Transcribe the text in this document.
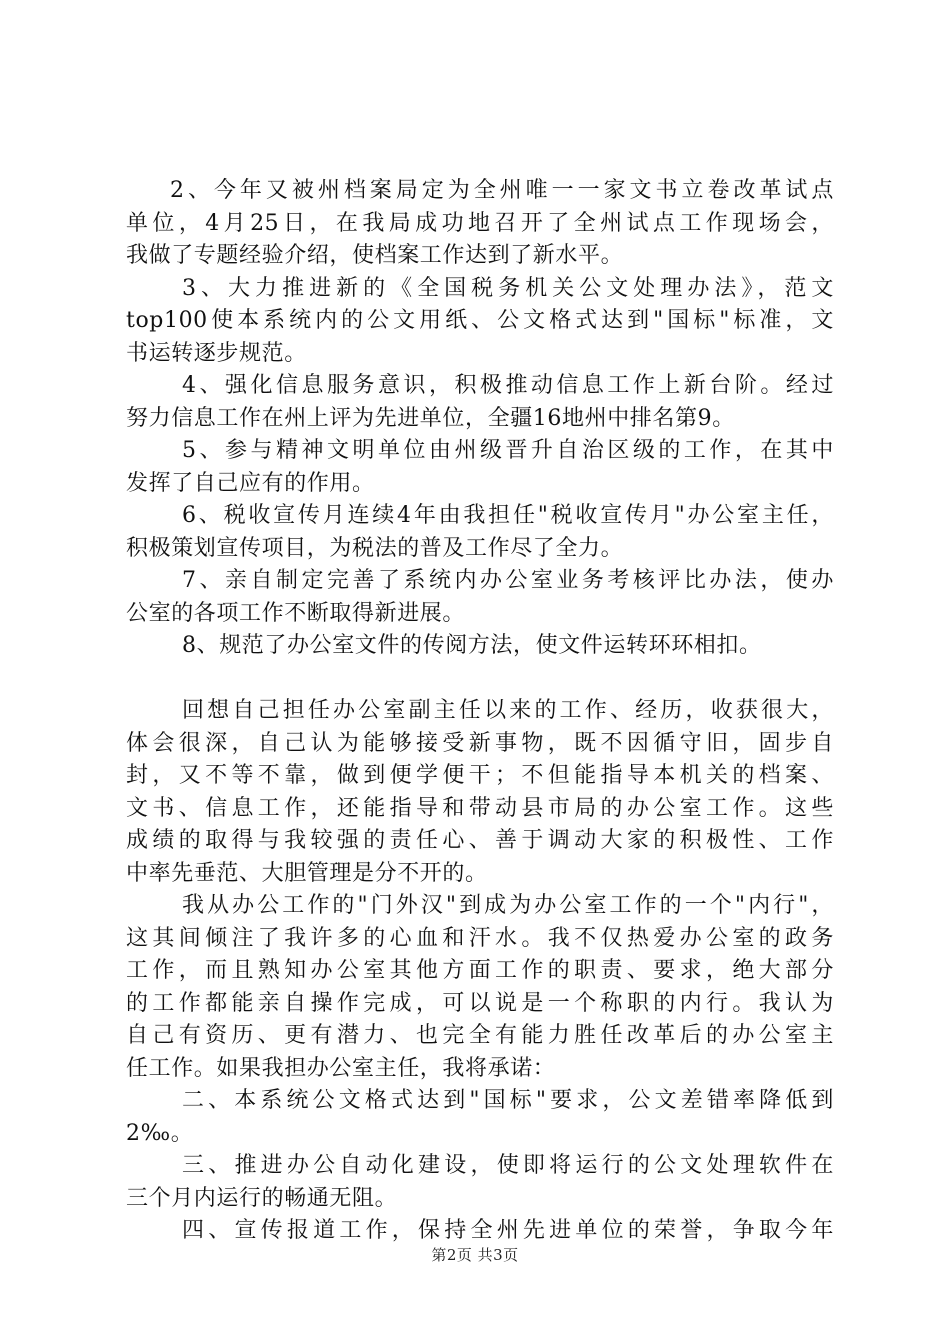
2、今年又被州档案局定为全州唯一一家文书立卷改革试点
单位，4月25日，在我局成功地召开了全州试点工作现场会，
我做了专题经验介绍，使档案工作达到了新水平。
3、大力推进新的《全国税务机关公文处理办法》，范文
top100使本系统内的公文用纸、公文格式达到"国标"标准，文
书运转逐步规范。
4、强化信息服务意识，积极推动信息工作上新台阶。经过
努力信息工作在州上评为先进单位，全疆16地州中排名第9。
5、参与精神文明单位由州级晋升自治区级的工作，在其中
发挥了自己应有的作用。
6、税收宣传月连续4年由我担任"税收宣传月"办公室主任，
积极策划宣传项目，为税法的普及工作尽了全力。
7、亲自制定完善了系统内办公室业务考核评比办法，使办
公室的各项工作不断取得新进展。
8、规范了办公室文件的传阅方法，使文件运转环环相扣。
回想自己担任办公室副主任以来的工作、经历，收获很大，
体会很深，自己认为能够接受新事物，既不因循守旧，固步自
封，又不等不靠，做到便学便干；不但能指导本机关的档案、
文书、信息工作，还能指导和带动县市局的办公室工作。这些
成绩的取得与我较强的责任心、善于调动大家的积极性、工作
中率先垂范、大胆管理是分不开的。
我从办公工作的"门外汉"到成为办公室工作的一个"内行"，
这其间倾注了我许多的心血和汗水。我不仅热爱办公室的政务
工作，而且熟知办公室其他方面工作的职责、要求，绝大部分
的工作都能亲自操作完成，可以说是一个称职的内行。我认为
自己有资历、更有潜力、也完全有能力胜任改革后的办公室主
任工作。如果我担办公室主任，我将承诺：
二、本系统公文格式达到"国标"要求，公文差错率降低到
2‰。
三、推进办公自动化建设，使即将运行的公文处理软件在
三个月内运行的畅通无阻。
四、宣传报道工作，保持全州先进单位的荣誉，争取今年
第2页 共3页
